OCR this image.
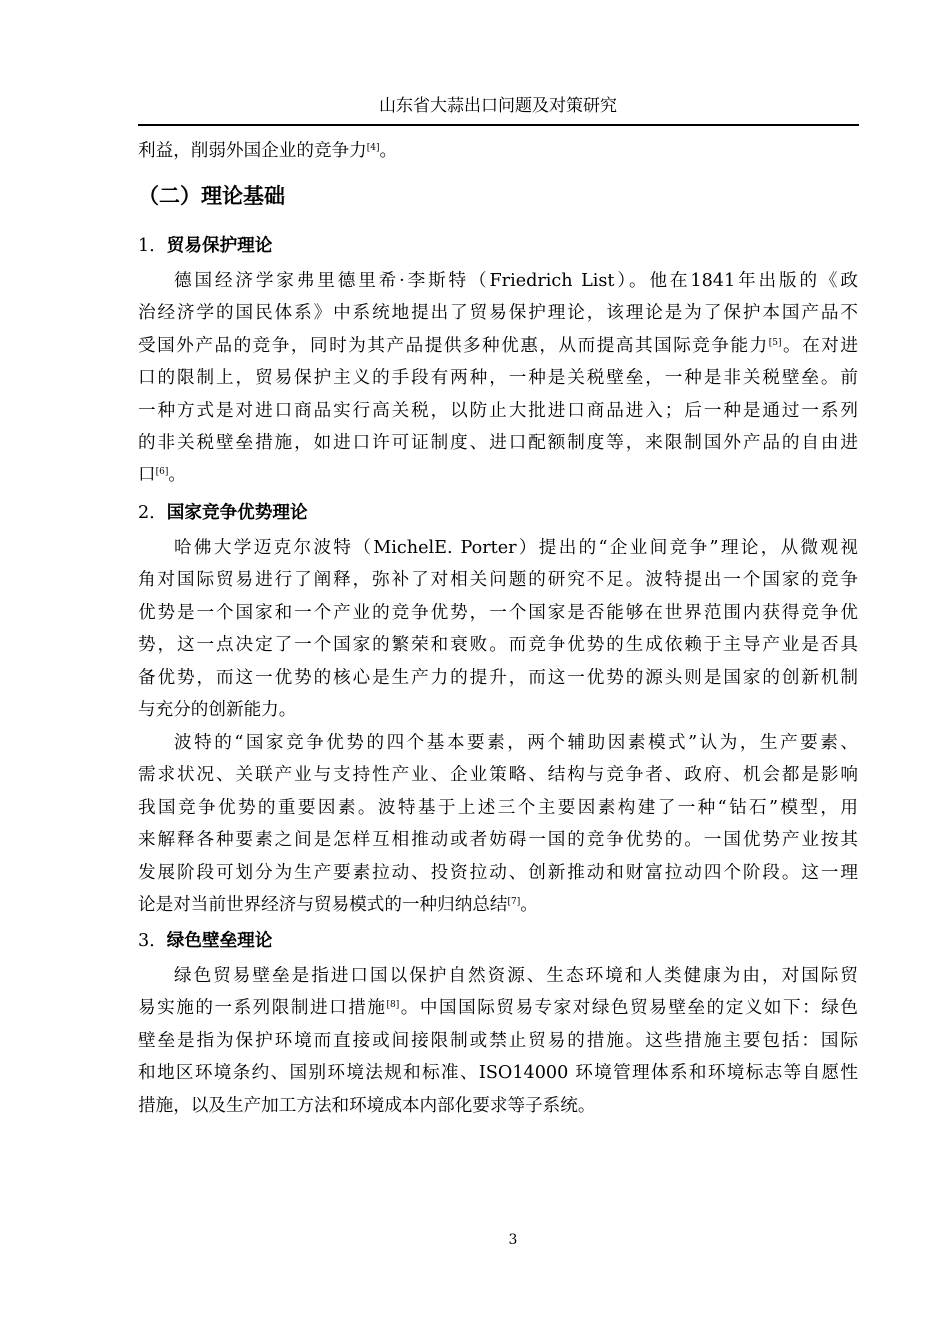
山东省大蒜出口问题及对策研究
利益，削弱外国企业的竞争力[4]。
（二）理论基础
1．贸易保护理论
德国经济学家弗里德里希·李斯特（Friedrich List）。他在1841年出版的《政
治经济学的国民体系》中系统地提出了贸易保护理论，该理论是为了保护本国产品不
受国外产品的竞争，同时为其产品提供多种优惠，从而提高其国际竞争能力[5]。在对进
口的限制上，贸易保护主义的手段有两种，一种是关税壁垒，一种是非关税壁垒。前
一种方式是对进口商品实行高关税，以防止大批进口商品进入；后一种是通过一系列
的非关税壁垒措施，如进口许可证制度、进口配额制度等，来限制国外产品的自由进
口[6]。
2．国家竞争优势理论
哈佛大学迈克尔波特（MichelE. Porter）提出的“企业间竞争”理论，从微观视
角对国际贸易进行了阐释，弥补了对相关问题的研究不足。波特提出一个国家的竞争
优势是一个国家和一个产业的竞争优势，一个国家是否能够在世界范围内获得竞争优
势，这一点决定了一个国家的繁荣和衰败。而竞争优势的生成依赖于主导产业是否具
备优势，而这一优势的核心是生产力的提升，而这一优势的源头则是国家的创新机制
与充分的创新能力。
波特的“国家竞争优势的四个基本要素，两个辅助因素模式”认为，生产要素、
需求状况、关联产业与支持性产业、企业策略、结构与竞争者、政府、机会都是影响
我国竞争优势的重要因素。波特基于上述三个主要因素构建了一种“钻石”模型，用
来解释各种要素之间是怎样互相推动或者妨碍一国的竞争优势的。一国优势产业按其
发展阶段可划分为生产要素拉动、投资拉动、创新推动和财富拉动四个阶段。这一理
论是对当前世界经济与贸易模式的一种归纳总结[7]。
3．绿色壁垒理论
绿色贸易壁垒是指进口国以保护自然资源、生态环境和人类健康为由，对国际贸
易实施的一系列限制进口措施[8]。中国国际贸易专家对绿色贸易壁垒的定义如下：绿色
壁垒是指为保护环境而直接或间接限制或禁止贸易的措施。这些措施主要包括：国际
和地区环境条约、国别环境法规和标准、ISO14000 环境管理体系和环境标志等自愿性
措施，以及生产加工方法和环境成本内部化要求等子系统。
3
